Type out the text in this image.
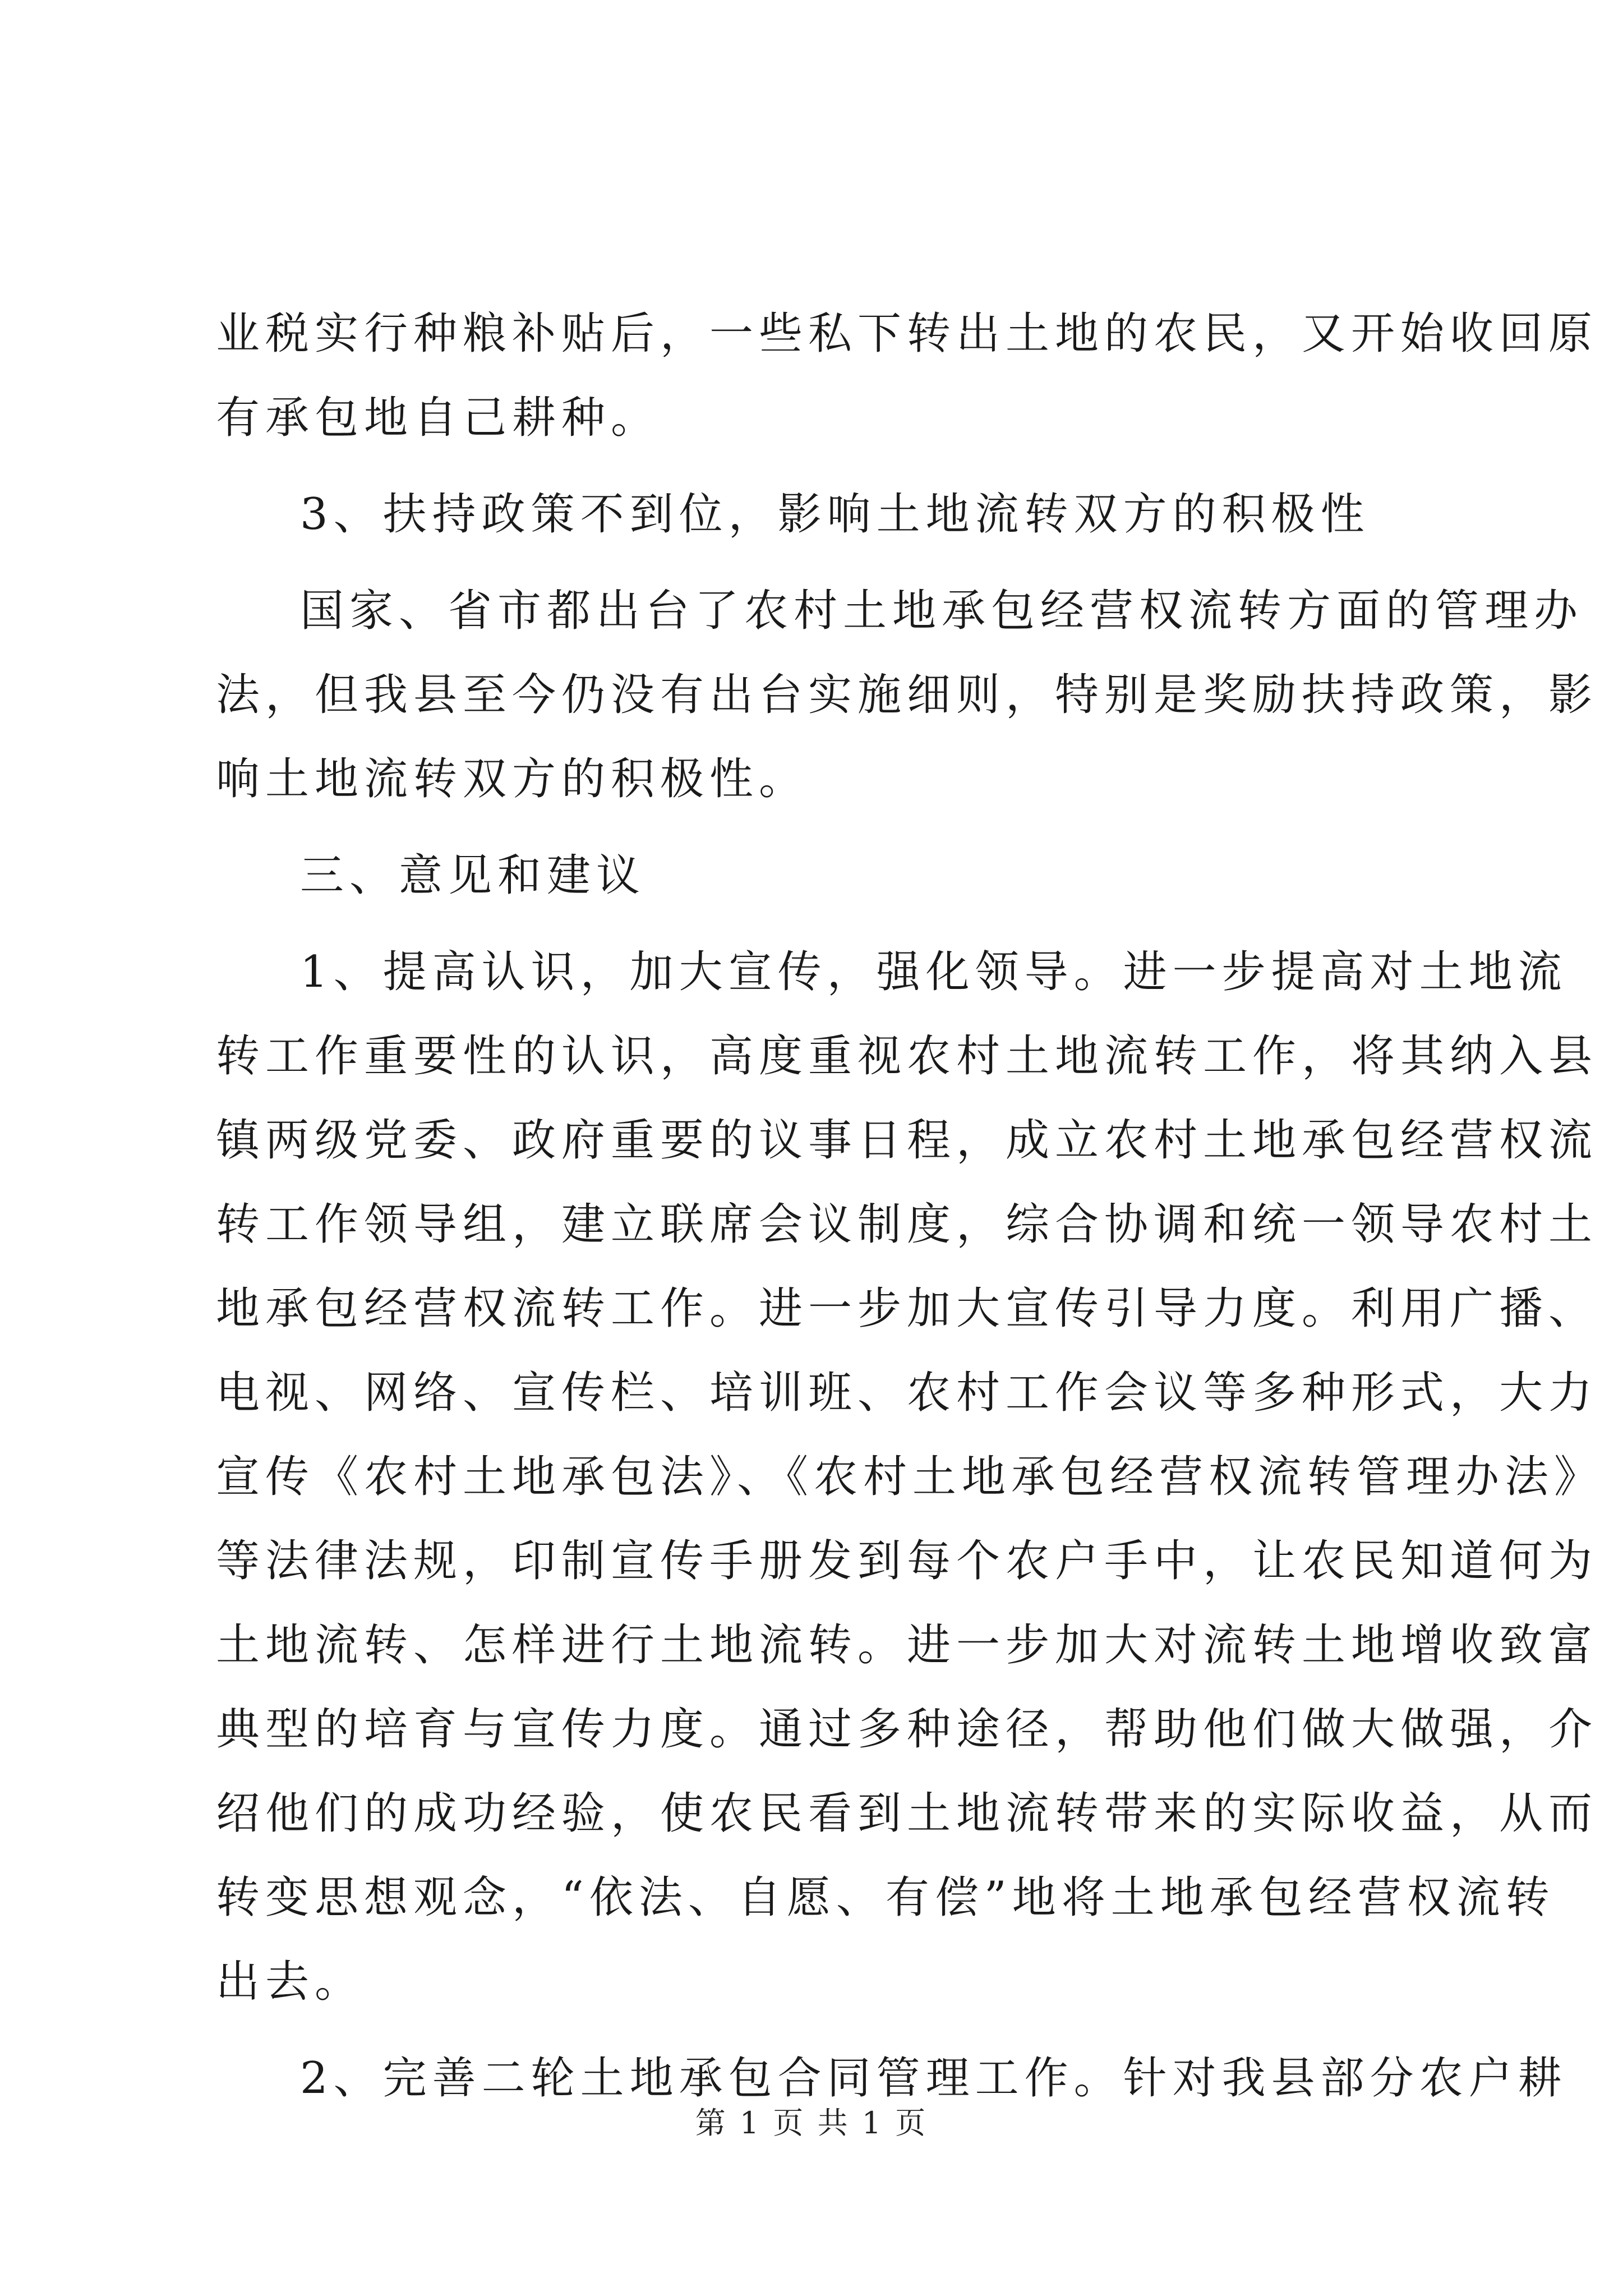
业税实行种粮补贴后，一些私下转出土地的农民，又开始收回原
有承包地自己耕种。
3、扶持政策不到位，影响土地流转双方的积极性
国家、省市都出台了农村土地承包经营权流转方面的管理办
法，但我县至今仍没有出台实施细则，特别是奖励扶持政策，影
响土地流转双方的积极性。
三、意见和建议
1、提高认识，加大宣传，强化领导。进一步提高对土地流
转工作重要性的认识，高度重视农村土地流转工作，将其纳入县
镇两级党委、政府重要的议事日程，成立农村土地承包经营权流
转工作领导组，建立联席会议制度，综合协调和统一领导农村土
地承包经营权流转工作。进一步加大宣传引导力度。利用广播、
电视、网络、宣传栏、培训班、农村工作会议等多种形式，大力
宣传《农村土地承包法》、《农村土地承包经营权流转管理办法》
等法律法规，印制宣传手册发到每个农户手中，让农民知道何为
土地流转、怎样进行土地流转。进一步加大对流转土地增收致富
典型的培育与宣传力度。通过多种途径，帮助他们做大做强，介
绍他们的成功经验，使农民看到土地流转带来的实际收益，从而
转变思想观念，“依法、自愿、有偿”地将土地承包经营权流转
出去。
2、完善二轮土地承包合同管理工作。针对我县部分农户耕
第 1 页 共 1 页
